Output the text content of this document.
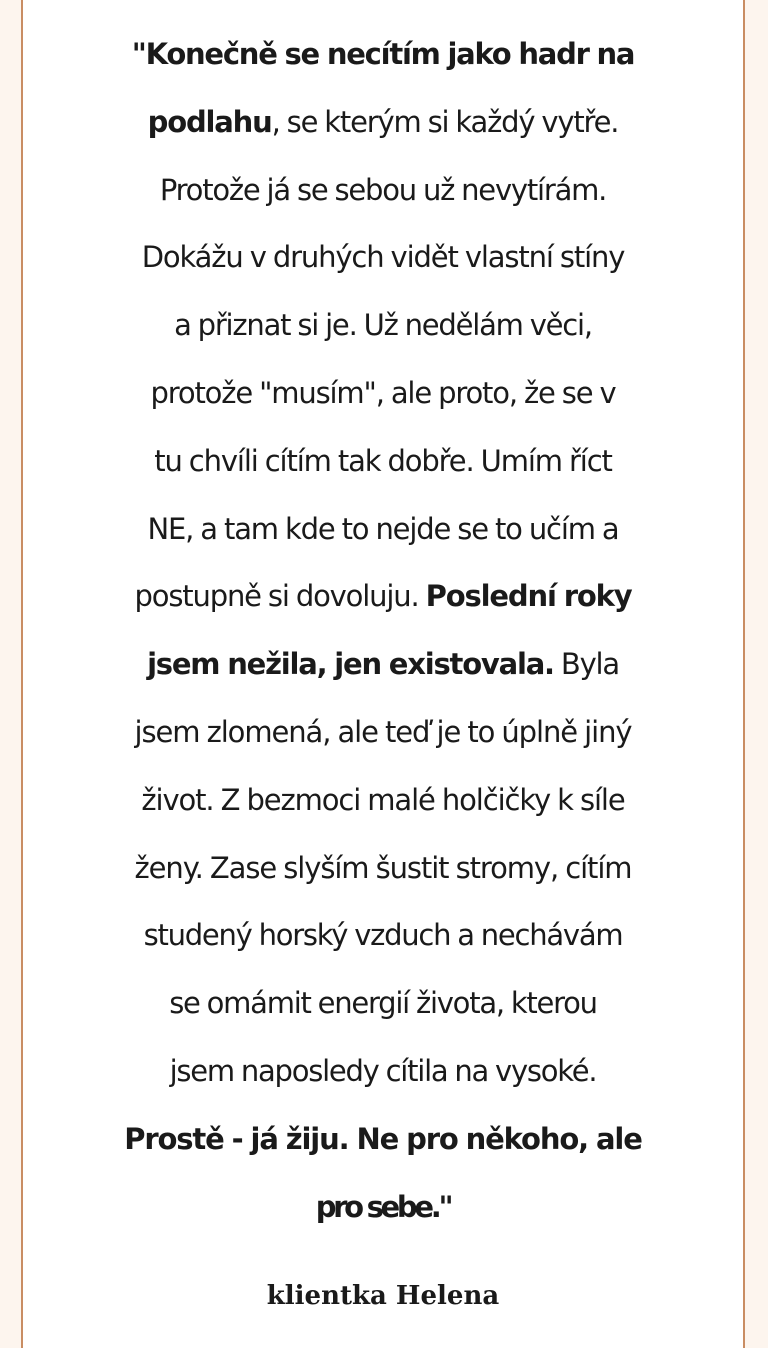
"Konečně se necítím jako hadr na
podlahu, se kterým si každý vytře.
Protože já se sebou už nevytírám.
Dokážu v druhých vidět vlastní stíny
a přiznat si je. Už nedělám věci,
protože "musím", ale proto, že se v
tu chvíli cítím tak dobře. Umím říct
NE, a tam kde to nejde se to učím a
postupně si dovoluju. Poslední roky
jsem nežila, jen existovala. Byla
jsem zlomená, ale teď je to úplně jiný
život. Z bezmoci malé holčičky k síle
ženy. Zase slyším šustit stromy, cítím
studený horský vzduch a nechávám
se omámit energií života, kterou
jsem naposledy cítila na vysoké.
Prostě - já žiju. Ne pro někoho, ale
pro sebe."

klientka Helena
